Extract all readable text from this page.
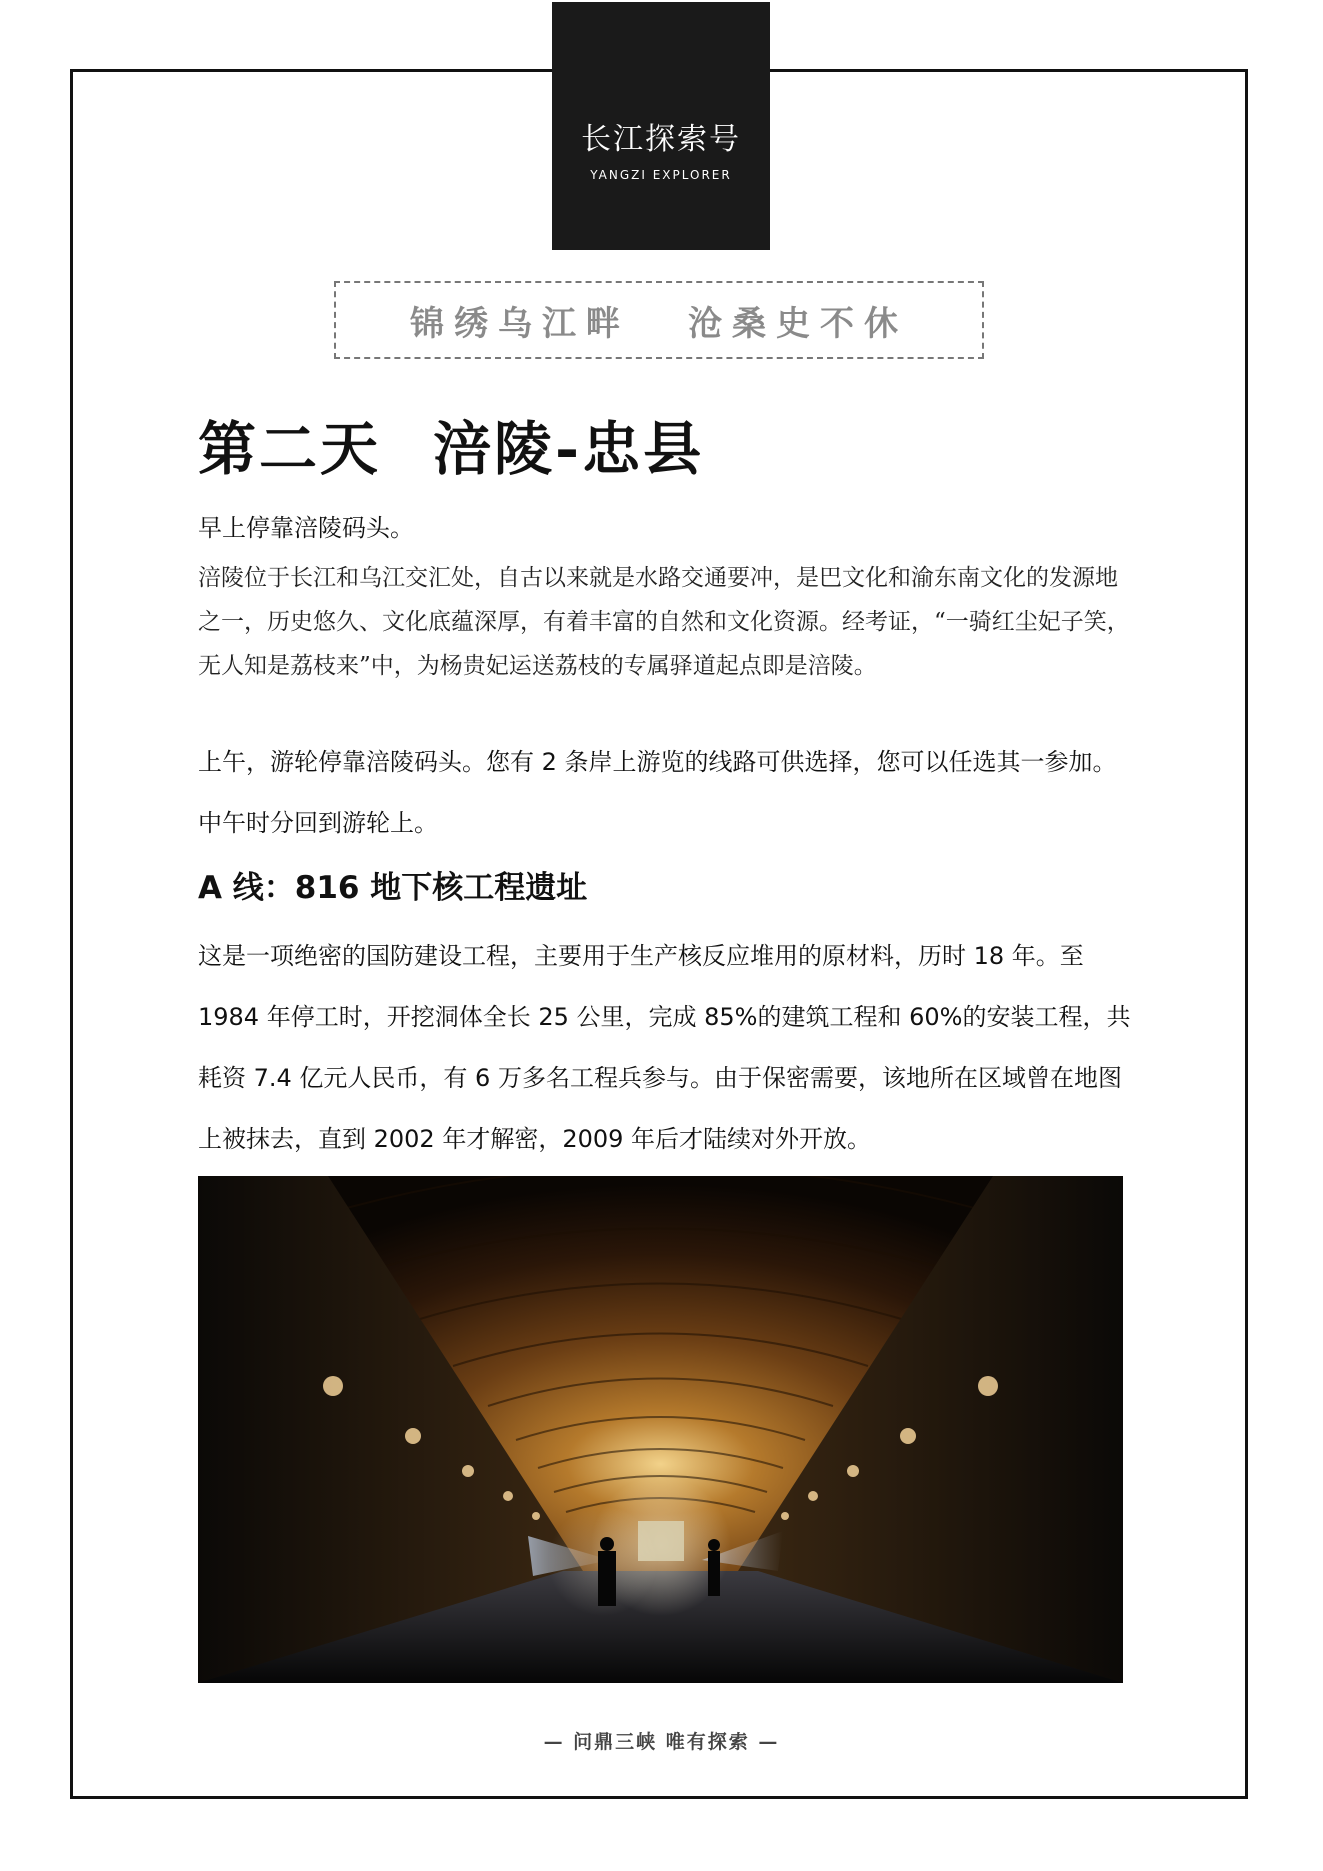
长江探索号
YANGZI EXPLORER
锦绣乌江畔 沧桑史不休
第二天 涪陵-忠县
早上停靠涪陵码头。
涪陵位于长江和乌江交汇处，自古以来就是水路交通要冲，是巴文化和渝东南文化的发源地之一，历史悠久、文化底蕴深厚，有着丰富的自然和文化资源。经考证，“一骑红尘妃子笑，无人知是荔枝来”中，为杨贵妃运送荔枝的专属驿道起点即是涪陵。
上午，游轮停靠涪陵码头。您有 2 条岸上游览的线路可供选择，您可以任选其一参加。中午时分回到游轮上。
A 线：816 地下核工程遗址
这是一项绝密的国防建设工程，主要用于生产核反应堆用的原材料，历时 18 年。至 1984 年停工时，开挖洞体全长 25 公里，完成 85%的建筑工程和 60%的安装工程，共耗资 7.4 亿元人民币，有 6 万多名工程兵参与。由于保密需要，该地所在区域曾在地图上被抹去，直到 2002 年才解密，2009 年后才陆续对外开放。
— 问鼎三峡 唯有探索 —
